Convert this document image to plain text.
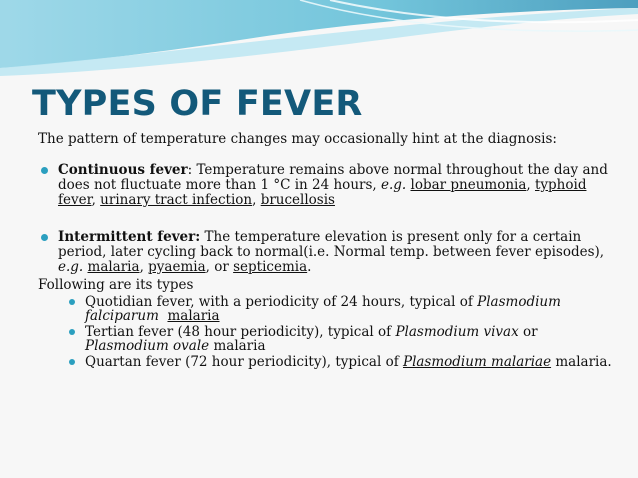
TYPES OF FEVER

The pattern of temperature changes may occasionally hint at the diagnosis:

Continuous fever: Temperature remains above normal throughout the day and does not fluctuate more than 1 °C in 24 hours, e.g. lobar pneumonia, typhoid fever, urinary tract infection, brucellosis
Intermittent fever: The temperature elevation is present only for a certain period, later cycling back to normal(i.e. Normal temp. between fever episodes), e.g. malaria, pyaemia, or septicemia.
Following are its types
Quotidian fever, with a periodicity of 24 hours, typical of Plasmodium falciparum malaria
Tertian fever (48 hour periodicity), typical of Plasmodium vivax or Plasmodium ovale malaria
Quartan fever (72 hour periodicity), typical of Plasmodium malariae malaria.
